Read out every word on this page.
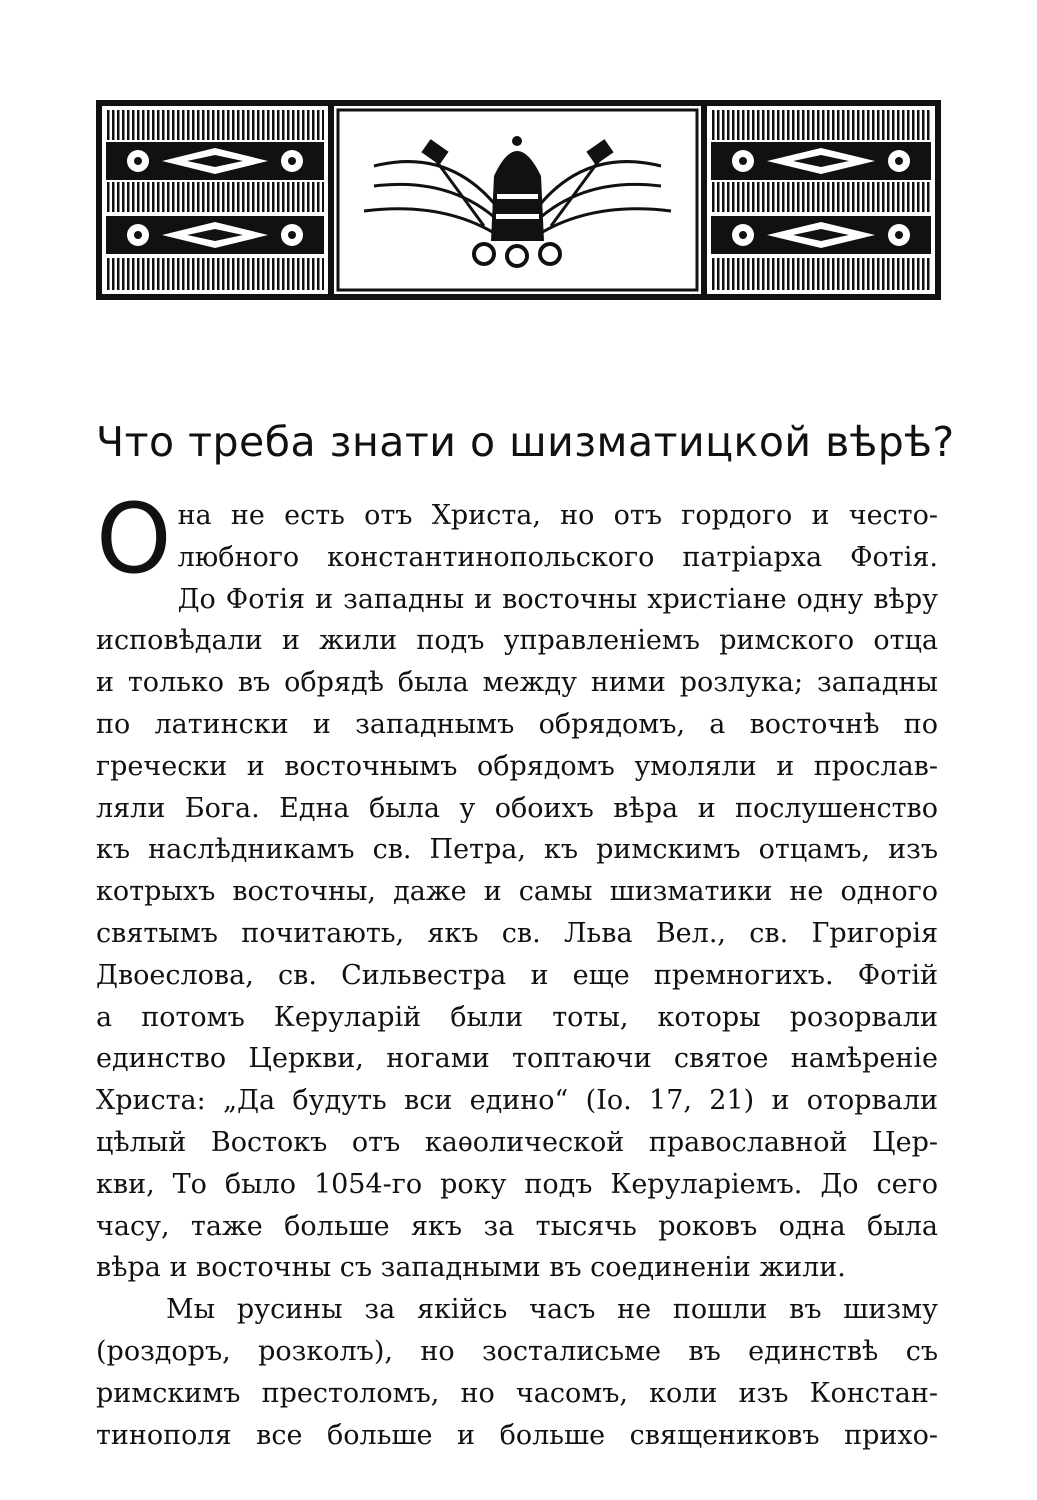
Что треба знати о шизматицкой вѣрѣ?
О на не есть отъ Христа, но отъ гордого и често-
любного константинопольского патріарха Фотія.
До Фотія и западны и восточны христіане одну вѣру
исповѣдали и жили подъ управленіемъ римского отца
и только въ обрядѣ была между ними розлука; западны
по латински и западнымъ обрядомъ, а восточнѣ по
гречески и восточнымъ обрядомъ умоляли и прослав-
ляли Бога. Една была у обоихъ вѣра и послушенство
къ наслѣдникамъ св. Петра, къ римскимъ отцамъ, изъ
котрыхъ восточны, даже и самы шизматики не одного
святымъ почитають, якъ св. Льва Вел., св. Григорія
Двоеслова, св. Сильвестра и еще премногихъ. Фотій
а потомъ Керуларій были тоты, которы розорвали
единство Церкви, ногами топтаючи святое намѣреніе
Христа: „Да будуть вси едино“ (Іо. 17, 21) и оторвали
цѣлый Востокъ отъ каѳолической православной Цер-
кви, То было 1054-го року подъ Керуларіемъ. До сего
часу, таже больше якъ за тысячь роковъ одна была
вѣра и восточны съ западными въ соединеніи жили.
Мы русины за якійсь часъ не пошли въ шизму
(роздоръ, розколъ), но зосталисьме въ единствѣ съ
римскимъ престоломъ, но часомъ, коли изъ Констан-
тинополя все больше и больше священиковъ прихо-
